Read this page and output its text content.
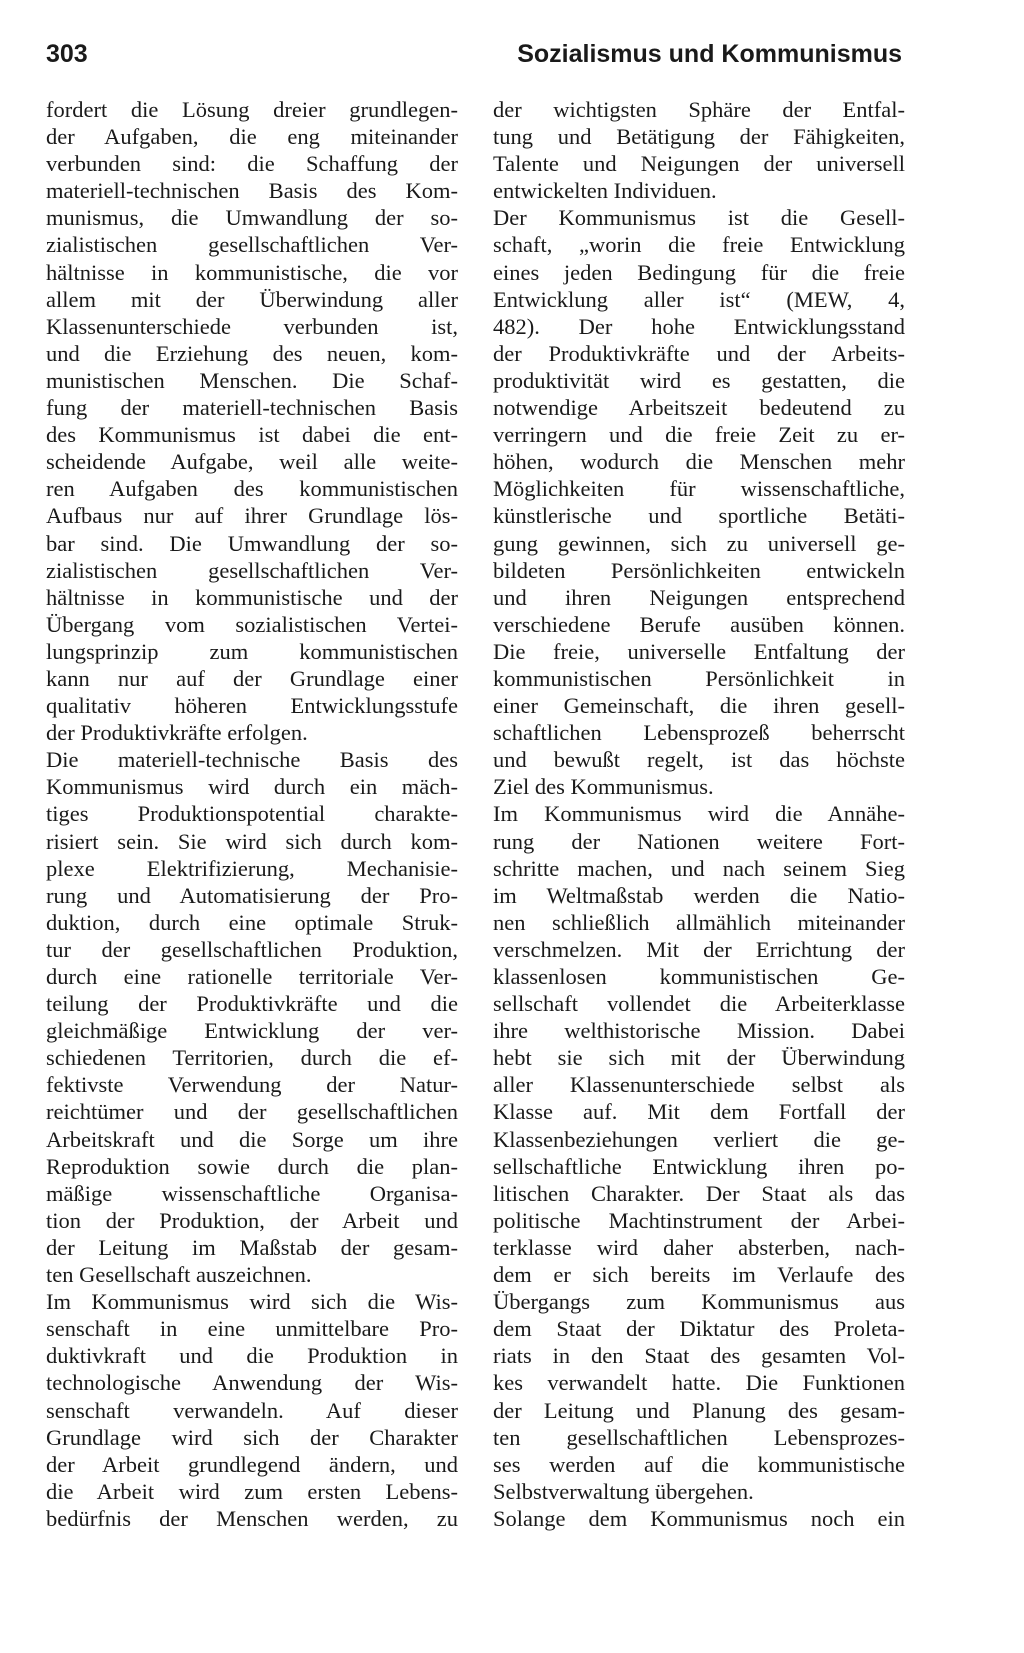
303	Sozialismus und Kommunismus
fordert die Lösung dreier grundlegen-
der Aufgaben, die eng miteinander
verbunden sind: die Schaffung der
materiell-technischen Basis des Kom-
munismus, die Umwandlung der so-
zialistischen gesellschaftlichen Ver-
hältnisse in kommunistische, die vor
allem mit der Überwindung aller
Klassenunterschiede verbunden ist,
und die Erziehung des neuen, kom-
munistischen Menschen. Die Schaf-
fung der materiell-technischen Basis
des Kommunismus ist dabei die ent-
scheidende Aufgabe, weil alle weite-
ren Aufgaben des kommunistischen
Aufbaus nur auf ihrer Grundlage lös-
bar sind. Die Umwandlung der so-
zialistischen gesellschaftlichen Ver-
hältnisse in kommunistische und der
Übergang vom sozialistischen Vertei-
lungsprinzip zum kommunistischen
kann nur auf der Grundlage einer
qualitativ höheren Entwicklungsstufe
der Produktivkräfte erfolgen.
Die materiell-technische Basis des
Kommunismus wird durch ein mäch-
tiges Produktionspotential charakte-
risiert sein. Sie wird sich durch kom-
plexe Elektrifizierung, Mechanisie-
rung und Automatisierung der Pro-
duktion, durch eine optimale Struk-
tur der gesellschaftlichen Produktion,
durch eine rationelle territoriale Ver-
teilung der Produktivkräfte und die
gleichmäßige Entwicklung der ver-
schiedenen Territorien, durch die ef-
fektivste Verwendung der Natur-
reichtümer und der gesellschaftlichen
Arbeitskraft und die Sorge um ihre
Reproduktion sowie durch die plan-
mäßige wissenschaftliche Organisa-
tion der Produktion, der Arbeit und
der Leitung im Maßstab der gesam-
ten Gesellschaft auszeichnen.
Im Kommunismus wird sich die Wis-
senschaft in eine unmittelbare Pro-
duktivkraft und die Produktion in
technologische Anwendung der Wis-
senschaft verwandeln. Auf dieser
Grundlage wird sich der Charakter
der Arbeit grundlegend ändern, und
die Arbeit wird zum ersten Lebens-
bedürfnis der Menschen werden, zu
der wichtigsten Sphäre der Entfal-
tung und Betätigung der Fähigkeiten,
Talente und Neigungen der universell
entwickelten Individuen.
Der Kommunismus ist die Gesell-
schaft, „worin die freie Entwicklung
eines jeden Bedingung für die freie
Entwicklung aller ist“ (MEW, 4,
482). Der hohe Entwicklungsstand
der Produktivkräfte und der Arbeits-
produktivität wird es gestatten, die
notwendige Arbeitszeit bedeutend zu
verringern und die freie Zeit zu er-
höhen, wodurch die Menschen mehr
Möglichkeiten für wissenschaftliche,
künstlerische und sportliche Betäti-
gung gewinnen, sich zu universell ge-
bildeten Persönlichkeiten entwickeln
und ihren Neigungen entsprechend
verschiedene Berufe ausüben können.
Die freie, universelle Entfaltung der
kommunistischen Persönlichkeit in
einer Gemeinschaft, die ihren gesell-
schaftlichen Lebensprozeß beherrscht
und bewußt regelt, ist das höchste
Ziel des Kommunismus.
Im Kommunismus wird die Annähe-
rung der Nationen weitere Fort-
schritte machen, und nach seinem Sieg
im Weltmaßstab werden die Natio-
nen schließlich allmählich miteinander
verschmelzen. Mit der Errichtung der
klassenlosen kommunistischen Ge-
sellschaft vollendet die Arbeiterklasse
ihre welthistorische Mission. Dabei
hebt sie sich mit der Überwindung
aller Klassenunterschiede selbst als
Klasse auf. Mit dem Fortfall der
Klassenbeziehungen verliert die ge-
sellschaftliche Entwicklung ihren po-
litischen Charakter. Der Staat als das
politische Machtinstrument der Arbei-
terklasse wird daher absterben, nach-
dem er sich bereits im Verlaufe des
Übergangs zum Kommunismus aus
dem Staat der Diktatur des Proleta-
riats in den Staat des gesamten Vol-
kes verwandelt hatte. Die Funktionen
der Leitung und Planung des gesam-
ten gesellschaftlichen Lebensprozes-
ses werden auf die kommunistische
Selbstverwaltung übergehen.
Solange dem Kommunismus noch ein
